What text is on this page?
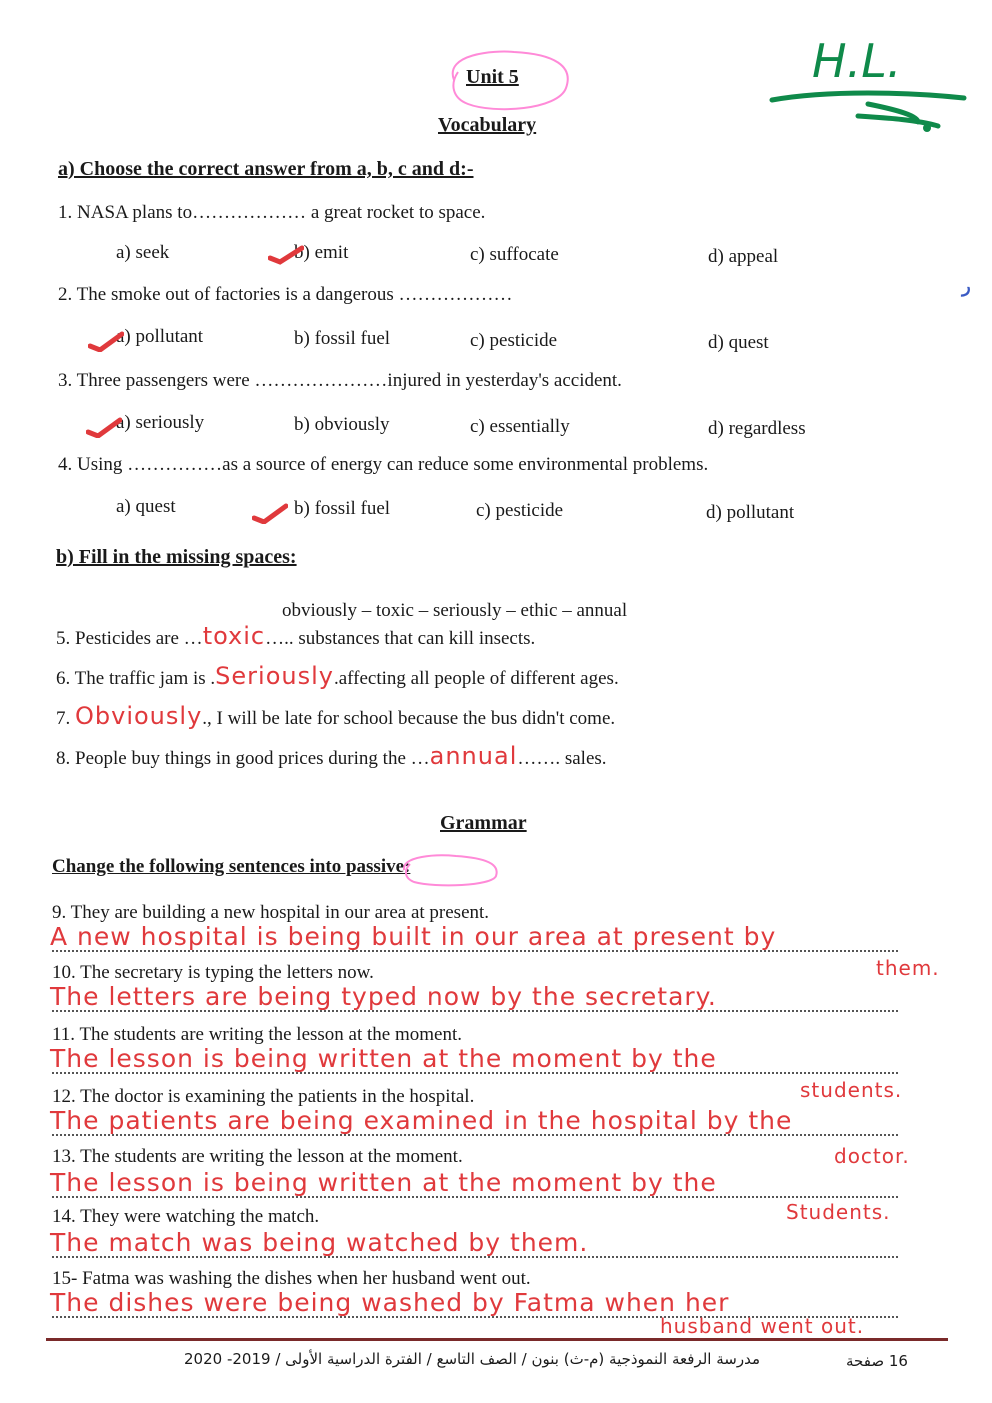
Unit 5
Vocabulary
H.L.
ر
a) Choose the correct answer from a, b, c and d:-
1. NASA plans to……………… a great rocket to space.
a) seek	b) emit	c) suffocate	d) appeal
2. The smoke out of factories is a dangerous ………………
a) pollutant	b) fossil fuel	c) pesticide	d) quest
3. Three passengers were …………………injured in yesterday's accident.
a) seriously	b) obviously	c) essentially	d) regardless
4. Using ……………as a source of energy can reduce some environmental problems.
a) quest	b) fossil fuel	c) pesticide	d) pollutant
b) Fill in the missing spaces:
obviously – toxic – seriously – ethic – annual
5. Pesticides are …toxic….. substances that can kill insects.
6. The traffic jam is .Seriously.affecting all people of different ages.
7. Obviously., I will be late for school because the bus didn't come.
8. People buy things in good prices during the …annual……. sales.
Grammar
Change the following sentences into passive:
9. They are building a new hospital in our area at present.
A new hospital is being built in our area at present by
them.
10. The secretary is typing the letters now.
The letters are being typed now by the secretary.
11. The students are writing the lesson at the moment.
The lesson is being written at the moment by the
students.
12. The doctor is examining the patients in the hospital.
The patients are being examined in the hospital by the
doctor.
13. The students are writing the lesson at the moment.
The lesson is being written at the moment by the
Students.
14. They were watching the match.
The match was being watched by them.
15- Fatma was washing the dishes when her husband went out.
The dishes were being washed by Fatma when her
husband went out.
مدرسة الرفعة النموذجية (م-ث) بنون / الصف التاسع / الفترة الدراسية الأولى / 2019- 2020	16 صفحة
